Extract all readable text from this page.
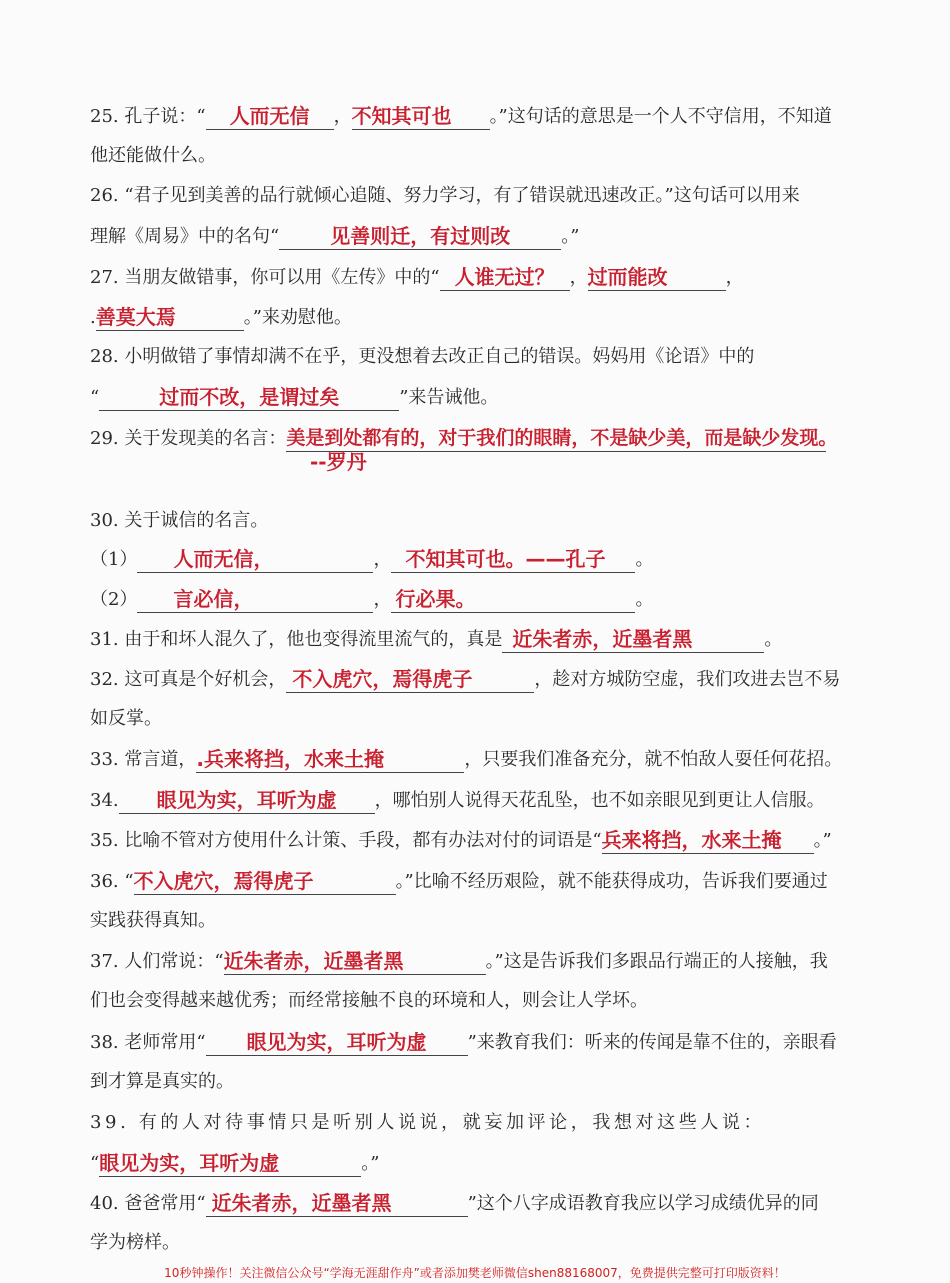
25. 孔子说：“	人而无信	， 不知其可也	。”这句话的意思是一个人不守信用，不知道
他还能做什么。
26. “君子见到美善的品行就倾心追随、努力学习，有了错误就迅速改正。”这句话可以用来
理解《周易》中的名句“	见善则迁，有过则改	。”
27. 当朋友做错事，你可以用《左传》中的“ 人谁无过？ ， 过而能改	，
. 善莫大焉	。”来劝慰他。
28. 小明做错了事情却满不在乎，更没想着去改正自己的错误。妈妈用《论语》中的
“	过而不改，是谓过矣	”来告诫他。
29. 关于发现美的名言： 美是到处都有的，对于我们的眼睛，不是缺少美，而是缺少发现。
--罗丹
30. 关于诚信的名言。
（1）	人而无信，	， 不知其可也。——孔子	。
（2）	言必信，	， 行必果。	。
31. 由于和坏人混久了，他也变得流里流气的，真是 近朱者赤，近墨者黑	。
32. 这可真是个好机会， 不入虎穴，焉得虎子	，趁对方城防空虚，我们攻进去岂不易
如反掌。
33. 常言道， .兵来将挡，水来土掩	，只要我们准备充分，就不怕敌人耍任何花招。
34.	眼见为实，耳听为虚	，哪怕别人说得天花乱坠，也不如亲眼见到更让人信服。
35. 比喻不管对方使用什么计策、手段，都有办法对付的词语是“ 兵来将挡，水来土掩	。”
36. “ 不入虎穴，焉得虎子	。”比喻不经历艰险，就不能获得成功，告诉我们要通过
实践获得真知。
37. 人们常说：“ 近朱者赤，近墨者黑	。”这是告诉我们多跟品行端正的人接触，我
们也会变得越来越优秀；而经常接触不良的环境和人，则会让人学坏。
38. 老师常用“	眼见为实，耳听为虚	”来教育我们：听来的传闻是靠不住的，亲眼看
到才算是真实的。
39. 有的人对待事情只是听别人说说，就妄加评论，我想对这些人说：
“ 眼见为实，耳听为虚	。”
40. 爸爸常用“ 近朱者赤，近墨者黑	”这个八字成语教育我应以学习成绩优异的同
学为榜样。
10秒钟操作！关注微信公众号“学海无涯甜作舟”或者添加樊老师微信shen88168007，免费提供完整可打印版资料！
